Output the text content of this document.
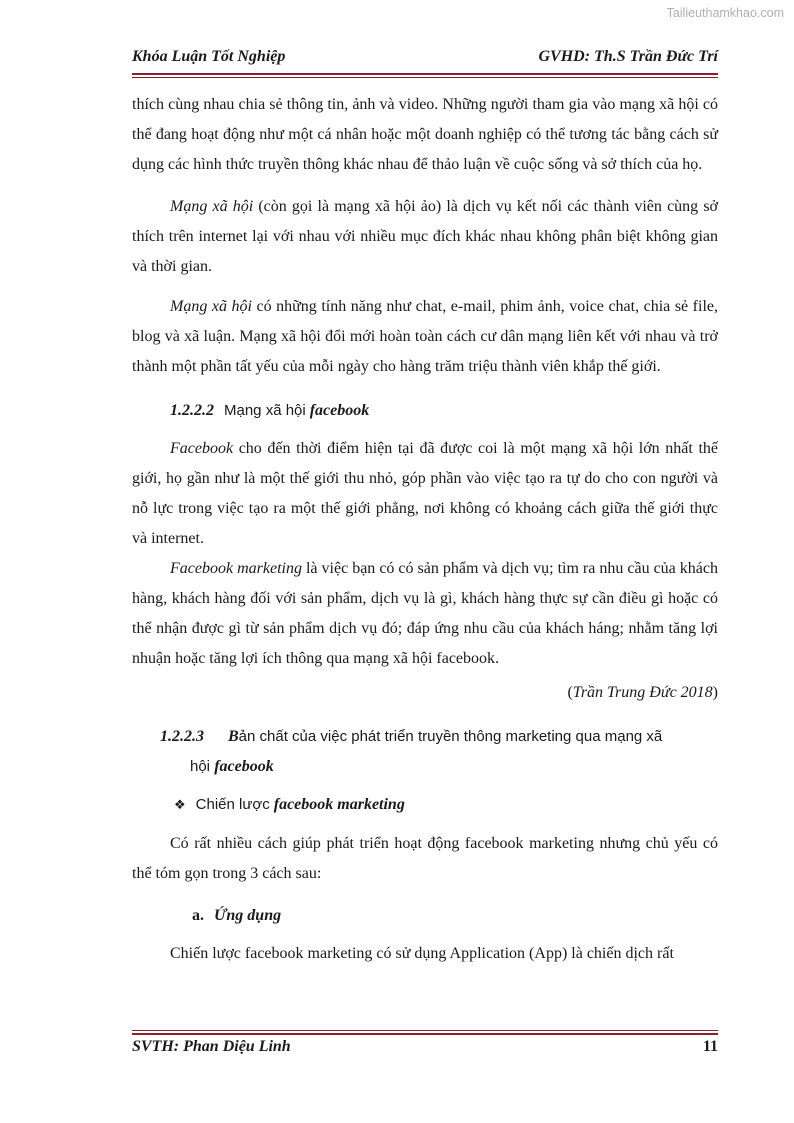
Tailieuthamkhao.com
Khóa Luận Tốt Nghiệp	GVHD: Th.S Trần Đức Trí

thích cùng nhau chia sẻ thông tin, ảnh và video. Những người tham gia vào mạng xã hội có thể đang hoạt động như một cá nhân hoặc một doanh nghiệp có thể tương tác bằng cách sử dụng các hình thức truyền thông khác nhau để thảo luận về cuộc sống và sở thích của họ.

Mạng xã hội (còn gọi là mạng xã hội ảo) là dịch vụ kết nối các thành viên cùng sở thích trên internet lại với nhau với nhiều mục đích khác nhau không phân biệt không gian và thời gian.

Mạng xã hội có những tính năng như chat, e-mail, phim ảnh, voice chat, chia sẻ file, blog và xã luận. Mạng xã hội đổi mới hoàn toàn cách cư dân mạng liên kết với nhau và trở thành một phần tất yếu của mỗi ngày cho hàng trăm triệu thành viên khắp thế giới.

1.2.2.2 Mạng xã hội facebook

Facebook cho đến thời điểm hiện tại đã được coi là một mạng xã hội lớn nhất thế giới, họ gần như là một thế giới thu nhỏ, góp phần vào việc tạo ra tự do cho con người và nỗ lực trong việc tạo ra một thế giới phẳng, nơi không có khoảng cách giữa thế giới thực và internet.

Facebook marketing là việc bạn có có sản phẩm và dịch vụ; tìm ra nhu cầu của khách hàng, khách hàng đối với sản phẩm, dịch vụ là gì, khách hàng thực sự cần điều gì hoặc có thể nhận được gì từ sản phẩm dịch vụ đó; đáp ứng nhu cầu của khách háng; nhằm tăng lợi nhuận hoặc tăng lợi ích thông qua mạng xã hội facebook.

(Trần Trung Đức 2018)
1.2.2.3	Bản chất của việc phát triển truyền thông marketing qua mạng xã
hội facebook
❖ Chiến lược facebook marketing

Có rất nhiều cách giúp phát triển hoạt động facebook marketing nhưng chủ yếu có thể tóm gọn trong 3 cách sau:

a. Ứng dụng

Chiến lược facebook marketing có sử dụng Application (App) là chiến dịch rất

SVTH: Phan Diệu Linh	11
